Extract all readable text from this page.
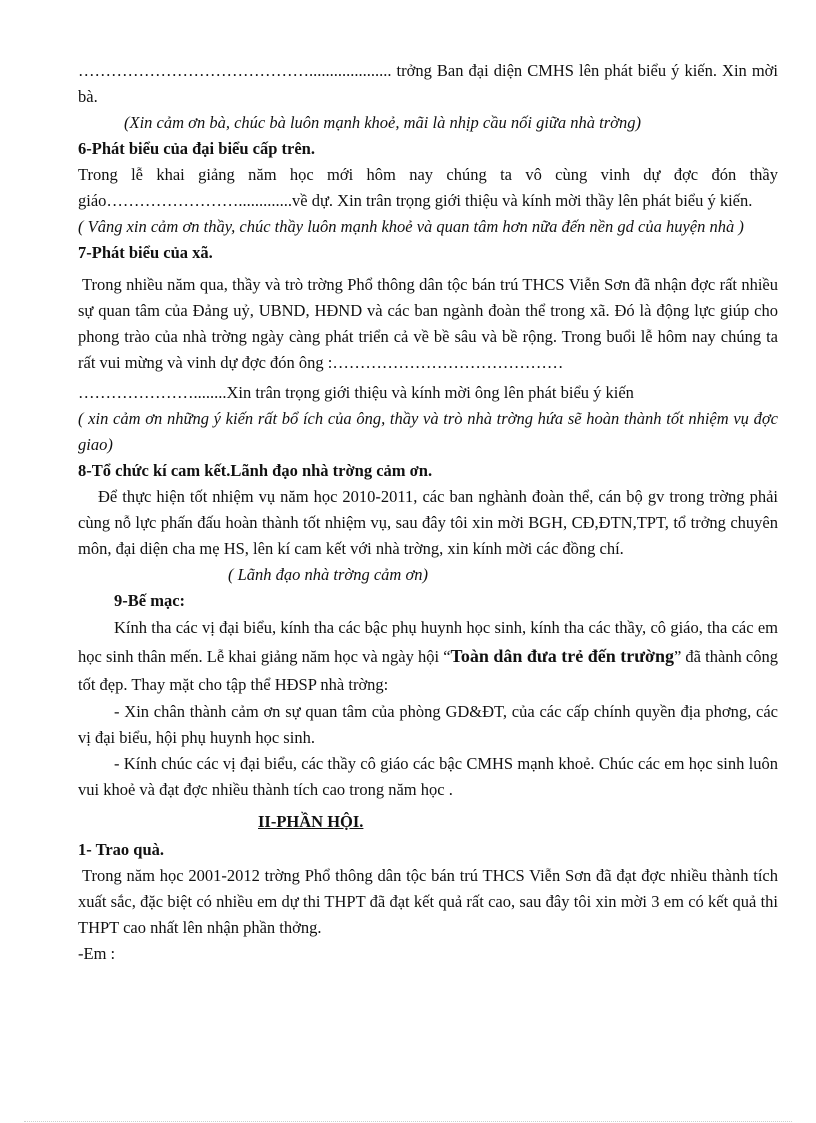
…………………………………….................... trởng Ban đại diện CMHS lên phát biểu ý kiến. Xin mời bà.

(Xin cảm ơn bà, chúc bà luôn mạnh khoẻ, mãi là nhịp cầu nối giữa nhà trờng)

6-Phát biểu của đại biểu cấp trên.

Trong lễ khai giảng năm học mới hôm nay chúng ta vô cùng vinh dự đợc đón thầy giáo…………………….............về dự. Xin trân trọng giới thiệu và kính mời thầy lên phát biểu ý kiến.

( Vâng xin cảm ơn thầy, chúc thầy luôn mạnh khoẻ và quan tâm hơn nữa đến nền gd của huyện nhà )

7-Phát biểu của xã.

Trong nhiều năm qua, thầy và trò trờng Phổ thông dân tộc bán trú THCS Viễn Sơn đã nhận đợc rất nhiều sự quan tâm của Đảng uỷ, UBND, HĐND và các ban ngành đoàn thể trong xã. Đó là động lực giúp cho phong trào của nhà trờng ngày càng phát triển cả về bề sâu và bề rộng. Trong buổi lễ hôm nay chúng ta rất vui mừng và vinh dự đợc đón ông :……………………………………

…………………........Xin trân trọng giới thiệu và kính mời ông lên phát biểu ý kiến

( xin cảm ơn những ý kiến rất bổ ích của ông, thầy và trò nhà trờng hứa sẽ hoàn thành tốt nhiệm vụ đợc giao)

8-Tổ chức kí cam kết.Lãnh đạo nhà trờng cảm ơn.

Để thực hiện tốt nhiệm vụ năm học 2010-2011, các ban nghành đoàn thể, cán bộ gv trong trờng phải cùng nỗ lực phấn đấu hoàn thành tốt nhiệm vụ, sau đây tôi xin mời BGH, CĐ,ĐTN,TPT, tổ trởng chuyên môn, đại diện cha mẹ HS, lên kí cam kết với nhà trờng, xin kính mời các đồng chí.

( Lãnh đạo nhà trờng cảm ơn)

9-Bế mạc:

Kính tha các vị đại biểu, kính tha các bậc phụ huynh học sinh, kính tha các thầy, cô giáo, tha các em học sinh thân mến. Lễ khai giảng năm học và ngày hội “Toàn dân đưa trẻ đến trường” đã thành công tốt đẹp. Thay mặt cho tập thể HĐSP nhà trờng:

- Xin chân thành cảm ơn sự quan tâm của phòng GD&ĐT, của các cấp chính quyền địa phơng, các vị đại biểu, hội phụ huynh học sinh.

- Kính chúc các vị đại biểu, các thầy cô giáo các bậc CMHS mạnh khoẻ. Chúc các em học sinh luôn vui khoẻ và đạt đợc nhiều thành tích cao trong năm học .

II-PHẦN HỘI.

1- Trao quà.

Trong năm học 2001-2012 trờng Phổ thông dân tộc bán trú THCS Viễn Sơn đã đạt đợc nhiều thành tích xuất sắc, đặc biệt có nhiều em dự thi THPT đã đạt kết quả rất cao, sau đây tôi xin mời 3 em có kết quả thi THPT cao nhất lên nhận phần thởng.

-Em :
